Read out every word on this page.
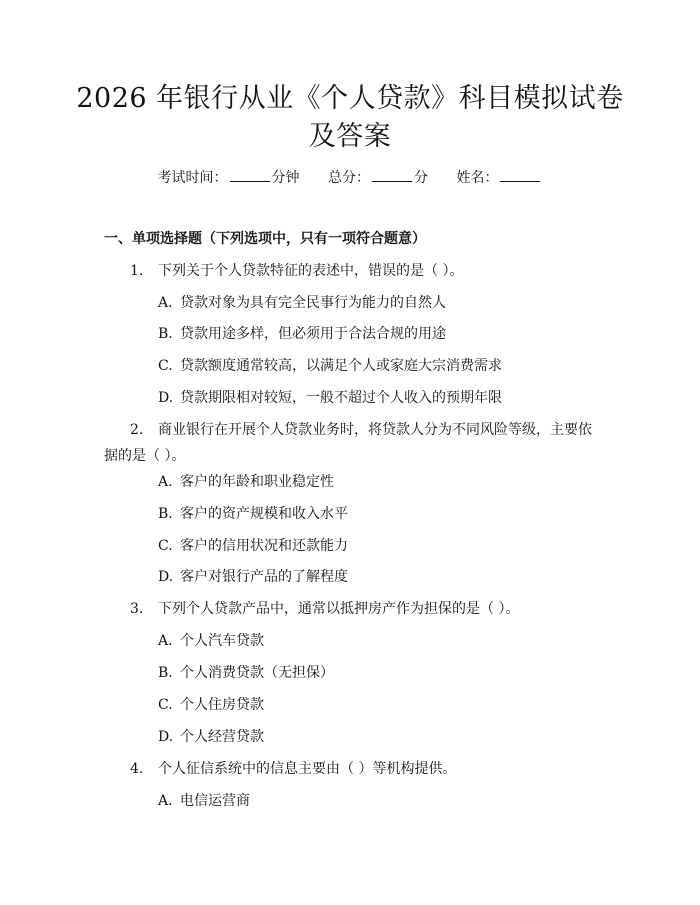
2026 年银行从业《个人贷款》科目模拟试卷
及答案
考试时间：	分钟 总分：	分 姓名：
一、单项选择题（下列选项中，只有一项符合题意）
1. 下列关于个人贷款特征的表述中，错误的是（ ）。
A. 贷款对象为具有完全民事行为能力的自然人
B. 贷款用途多样，但必须用于合法合规的用途
C. 贷款额度通常较高，以满足个人或家庭大宗消费需求
D. 贷款期限相对较短，一般不超过个人收入的预期年限
2. 商业银行在开展个人贷款业务时，将贷款人分为不同风险等级，主要依据的是（ ）。
A. 客户的年龄和职业稳定性
B. 客户的资产规模和收入水平
C. 客户的信用状况和还款能力
D. 客户对银行产品的了解程度
3. 下列个人贷款产品中，通常以抵押房产作为担保的是（ ）。
A. 个人汽车贷款
B. 个人消费贷款（无担保）
C. 个人住房贷款
D. 个人经营贷款
4. 个人征信系统中的信息主要由（ ）等机构提供。
A. 电信运营商
